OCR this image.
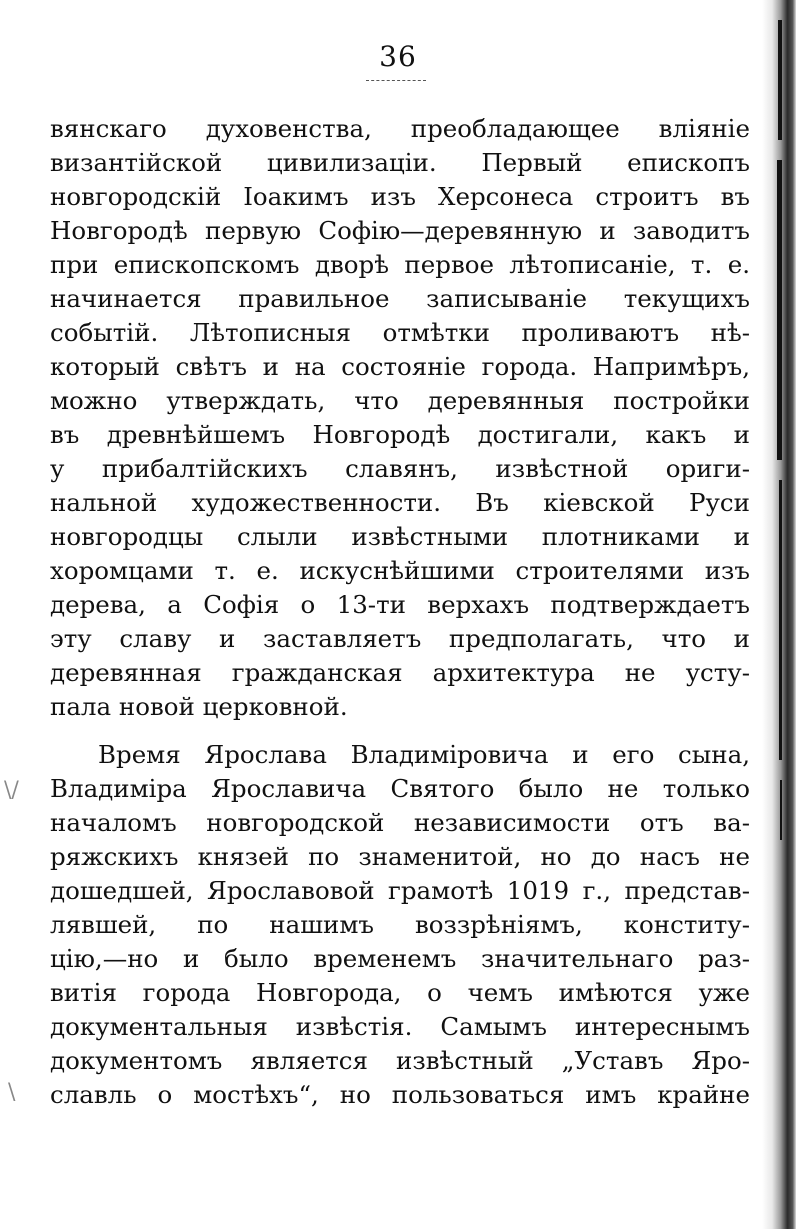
36
\/
\
вянскаго духовенства, преобладающее вліяніе
византійской цивилизаціи. Первый епископъ
новгородскій Іоакимъ изъ Херсонеса строитъ въ
Новгородѣ первую Софію—деревянную и заводитъ
при епископскомъ дворѣ первое лѣтописаніе, т. е.
начинается правильное записываніе текущихъ
событій. Лѣтописныя отмѣтки проливаютъ нѣ-
который свѣтъ и на состояніе города. Напримѣръ,
можно утверждать, что деревянныя постройки
въ древнѣйшемъ Новгородѣ достигали, какъ и
у прибалтійскихъ славянъ, извѣстной ориги-
нальной художественности. Въ кіевской Руси
новгородцы слыли извѣстными плотниками и
хоромцами т. е. искуснѣйшими строителями изъ
дерева, а Софія о 13-ти верхахъ подтверждаетъ
эту славу и заставляетъ предполагать, что и
деревянная гражданская архитектура не усту-
пала новой церковной.
Время Ярослава Владиміровича и его сына,
Владиміра Ярославича Святого было не только
началомъ новгородской независимости отъ ва-
ряжскихъ князей по знаменитой, но до насъ не
дошедшей, Ярославовой грамотѣ 1019 г., представ-
лявшей, по нашимъ воззрѣніямъ, конститу-
цію,—но и было временемъ значительнаго раз-
витія города Новгорода, о чемъ имѣются уже
документальныя извѣстія. Самымъ интереснымъ
документомъ является извѣстный „Уставъ Яро-
славль о мостѣхъ“, но пользоваться имъ крайне
